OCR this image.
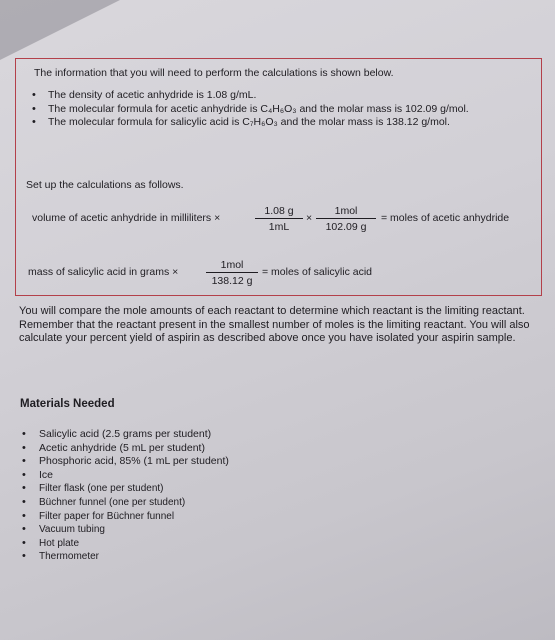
The information that you will need to perform the calculations is shown below.

• The density of acetic anhydride is 1.08 g/mL.
• The molecular formula for acetic anhydride is C₄H₆O₃ and the molar mass is 102.09 g/mol.
• The molecular formula for salicylic acid is C₇H₆O₃ and the molar mass is 138.12 g/mol.

Set up the calculations as follows.

volume of acetic anhydride in milliliters ×	$\frac{1.08 g}{1mL}$ ×
1mol
102.09 g
= moles of acetic anhydride
mass of salicylic acid in grams ×
1mol
138.12 g
= moles of salicylic acid

You will compare the mole amounts of each reactant to determine which reactant is the limiting reactant. Remember that the reactant present in the smallest number of moles is the limiting reactant. You will also calculate your percent yield of aspirin as described above once you have isolated your aspirin sample.

Materials Needed
• Salicylic acid (2.5 grams per student)
• Acetic anhydride (5 mL per student)
• Phosphoric acid, 85% (1 mL per student)
• Ice
• Filter flask (one per student)
• Büchner funnel (one per student)
• Filter paper for Büchner funnel
• Vacuum tubing
• Hot plate
• Thermometer
